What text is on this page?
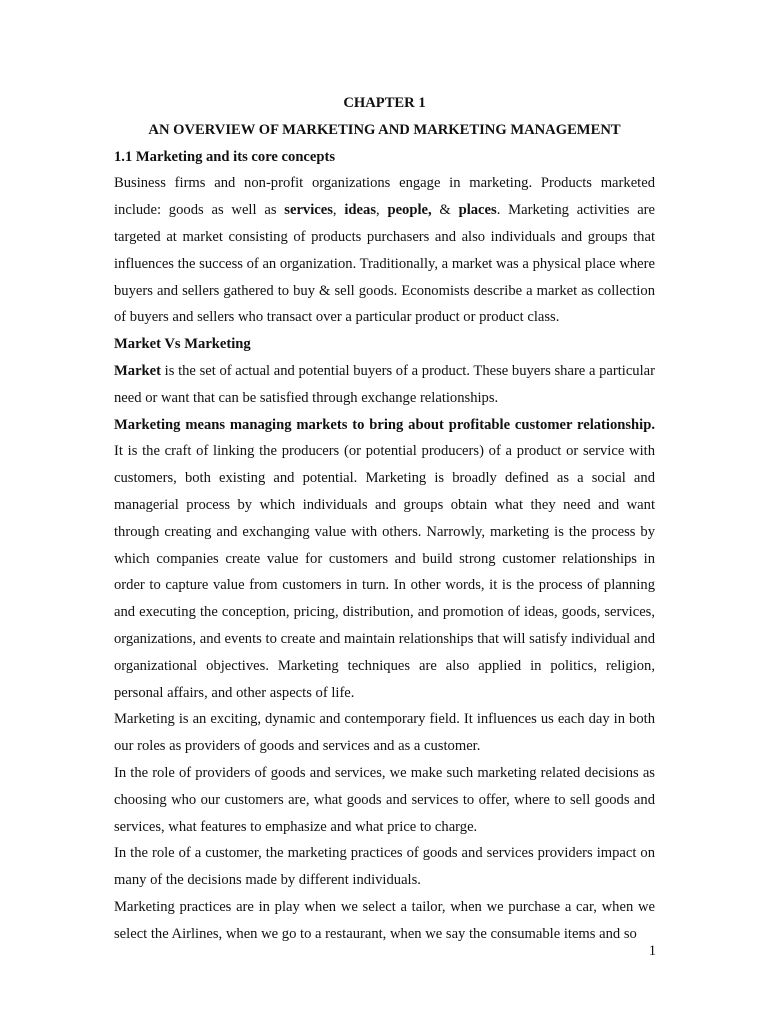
CHAPTER 1
AN OVERVIEW OF MARKETING AND MARKETING MANAGEMENT
1.1 Marketing and its core concepts

Business firms and non-profit organizations engage in marketing. Products marketed include: goods as well as services, ideas, people, & places. Marketing activities are targeted at market consisting of products purchasers and also individuals and groups that influences the success of an organization. Traditionally, a market was a physical place where buyers and sellers gathered to buy & sell goods. Economists describe a market as collection of buyers and sellers who transact over a particular product or product class.

Market Vs Marketing

Market is the set of actual and potential buyers of a product. These buyers share a particular need or want that can be satisfied through exchange relationships.

Marketing means managing markets to bring about profitable customer relationship. It is the craft of linking the producers (or potential producers) of a product or service with customers, both existing and potential. Marketing is broadly defined as a social and managerial process by which individuals and groups obtain what they need and want through creating and exchanging value with others. Narrowly, marketing is the process by which companies create value for customers and build strong customer relationships in order to capture value from customers in turn. In other words, it is the process of planning and executing the conception, pricing, distribution, and promotion of ideas, goods, services, organizations, and events to create and maintain relationships that will satisfy individual and organizational objectives. Marketing techniques are also applied in politics, religion, personal affairs, and other aspects of life.

Marketing is an exciting, dynamic and contemporary field. It influences us each day in both our roles as providers of goods and services and as a customer.

In the role of providers of goods and services, we make such marketing related decisions as choosing who our customers are, what goods and services to offer, where to sell goods and services, what features to emphasize and what price to charge.

In the role of a customer, the marketing practices of goods and services providers impact on many of the decisions made by different individuals.

Marketing practices are in play when we select a tailor, when we purchase a car, when we select the Airlines, when we go to a restaurant, when we say the consumable items and so

1
